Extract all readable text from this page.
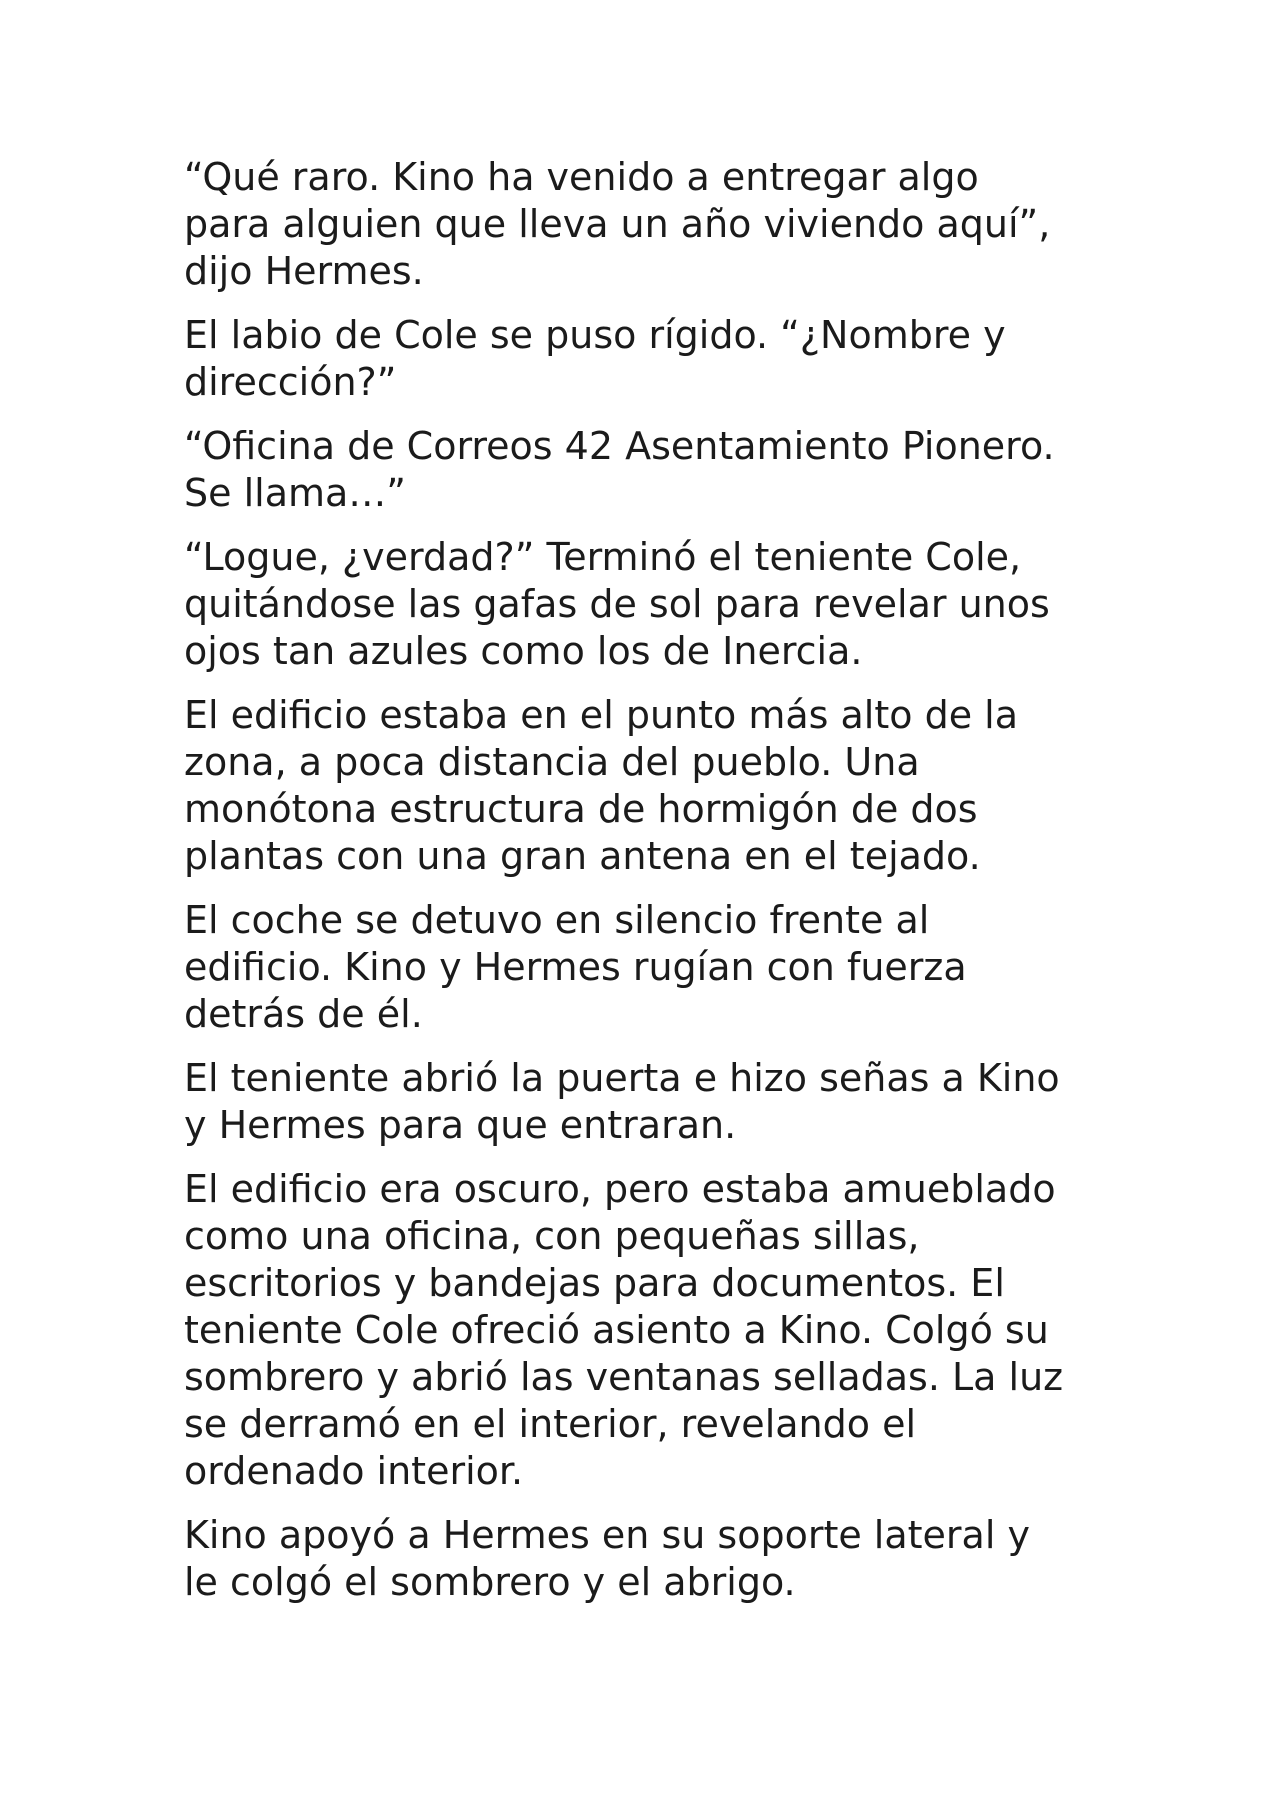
“Qué raro. Kino ha venido a entregar algo
para alguien que lleva un año viviendo aquí”,
dijo Hermes.

El labio de Cole se puso rígido. “¿Nombre y
dirección?”

“Oficina de Correos 42 Asentamiento Pionero.
Se llama…”

“Logue, ¿verdad?” Terminó el teniente Cole,
quitándose las gafas de sol para revelar unos
ojos tan azules como los de Inercia.

El edificio estaba en el punto más alto de la
zona, a poca distancia del pueblo. Una
monótona estructura de hormigón de dos
plantas con una gran antena en el tejado.

El coche se detuvo en silencio frente al
edificio. Kino y Hermes rugían con fuerza
detrás de él.

El teniente abrió la puerta e hizo señas a Kino
y Hermes para que entraran.

El edificio era oscuro, pero estaba amueblado
como una oficina, con pequeñas sillas,
escritorios y bandejas para documentos. El
teniente Cole ofreció asiento a Kino. Colgó su
sombrero y abrió las ventanas selladas. La luz
se derramó en el interior, revelando el
ordenado interior.

Kino apoyó a Hermes en su soporte lateral y
le colgó el sombrero y el abrigo.
